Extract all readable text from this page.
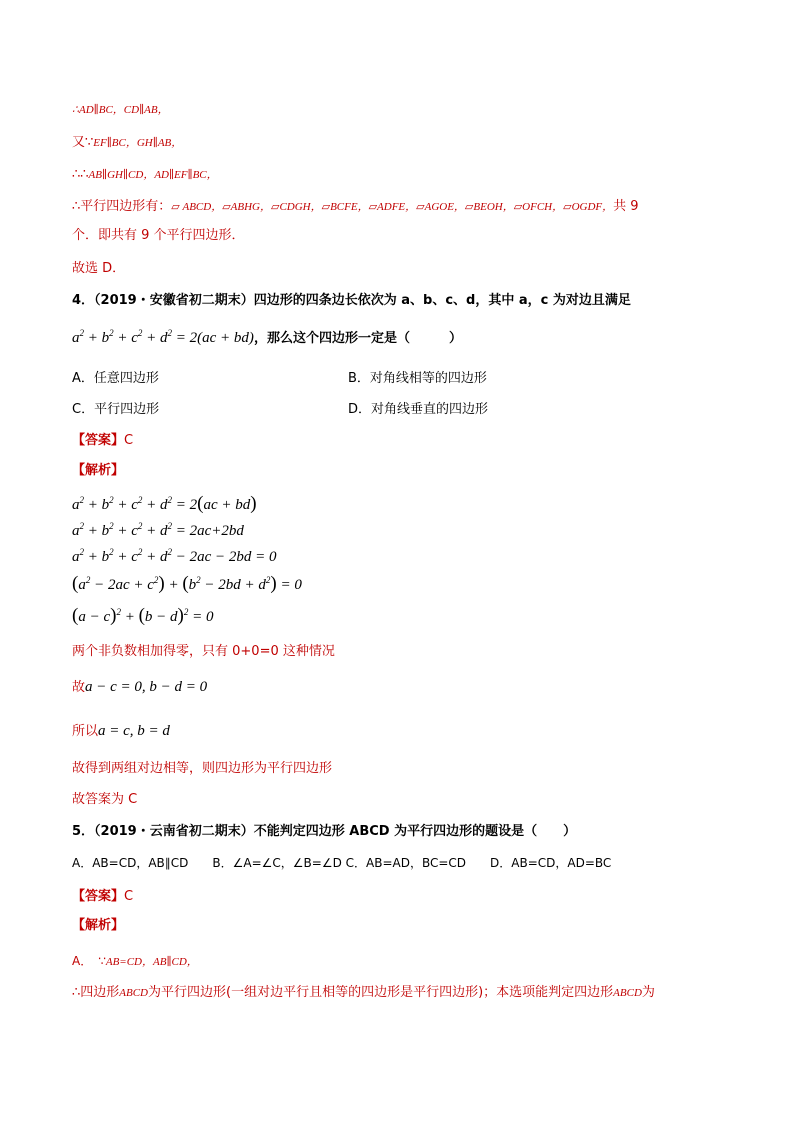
∴AD∥BC，CD∥AB，
又∵EF∥BC，GH∥AB，
∴∴AB∥GH∥CD，AD∥EF∥BC，
∴平行四边形有：▱ ABCD，▱ABHG，▱CDGH，▱BCFE，▱ADFE，▱AGOE，▱BEOH，▱OFCH，▱OGDF，共 9
个．即共有 9 个平行四边形．
故选 D．
4．（2019・安徽省初二期末）四边形的四条边长依次为 a、b、c、d，其中 a，c 为对边且满足
$a^2 + b^2 + c^2 + d^2 = 2(ac + bd)$，那么这个四边形一定是（　　　）
A．任意四边形	B．对角线相等的四边形
C．平行四边形	D．对角线垂直的四边形
【答案】C
【解析】
$a^2 + b^2 + c^2 + d^2 = 2(ac + bd)$
$a^2 + b^2 + c^2 + d^2 = 2ac+2bd$
$a^2 + b^2 + c^2 + d^2 - 2ac - 2bd = 0$
$(a^2 - 2ac + c^2) + (b^2 - 2bd + d^2) = 0$
$(a - c)^2 + (b - d)^2 = 0$
两个非负数相加得零，只有 0+0=0 这种情况
故a − c = 0, b − d = 0
所以a = c, b = d
故得到两组对边相等，则四边形为平行四边形
故答案为 C
5．（2019・云南省初二期末）不能判定四边形 ABCD 为平行四边形的题设是（　　）
A．AB=CD，AB∥CD　　B．∠A=∠C，∠B=∠D C．AB=AD，BC=CD　　D．AB=CD，AD=BC
【答案】C
【解析】
A．　∵AB=CD，AB∥CD，
∴四边形ABCD为平行四边形(一组对边平行且相等的四边形是平行四边形)；本选项能判定四边形ABCD为
